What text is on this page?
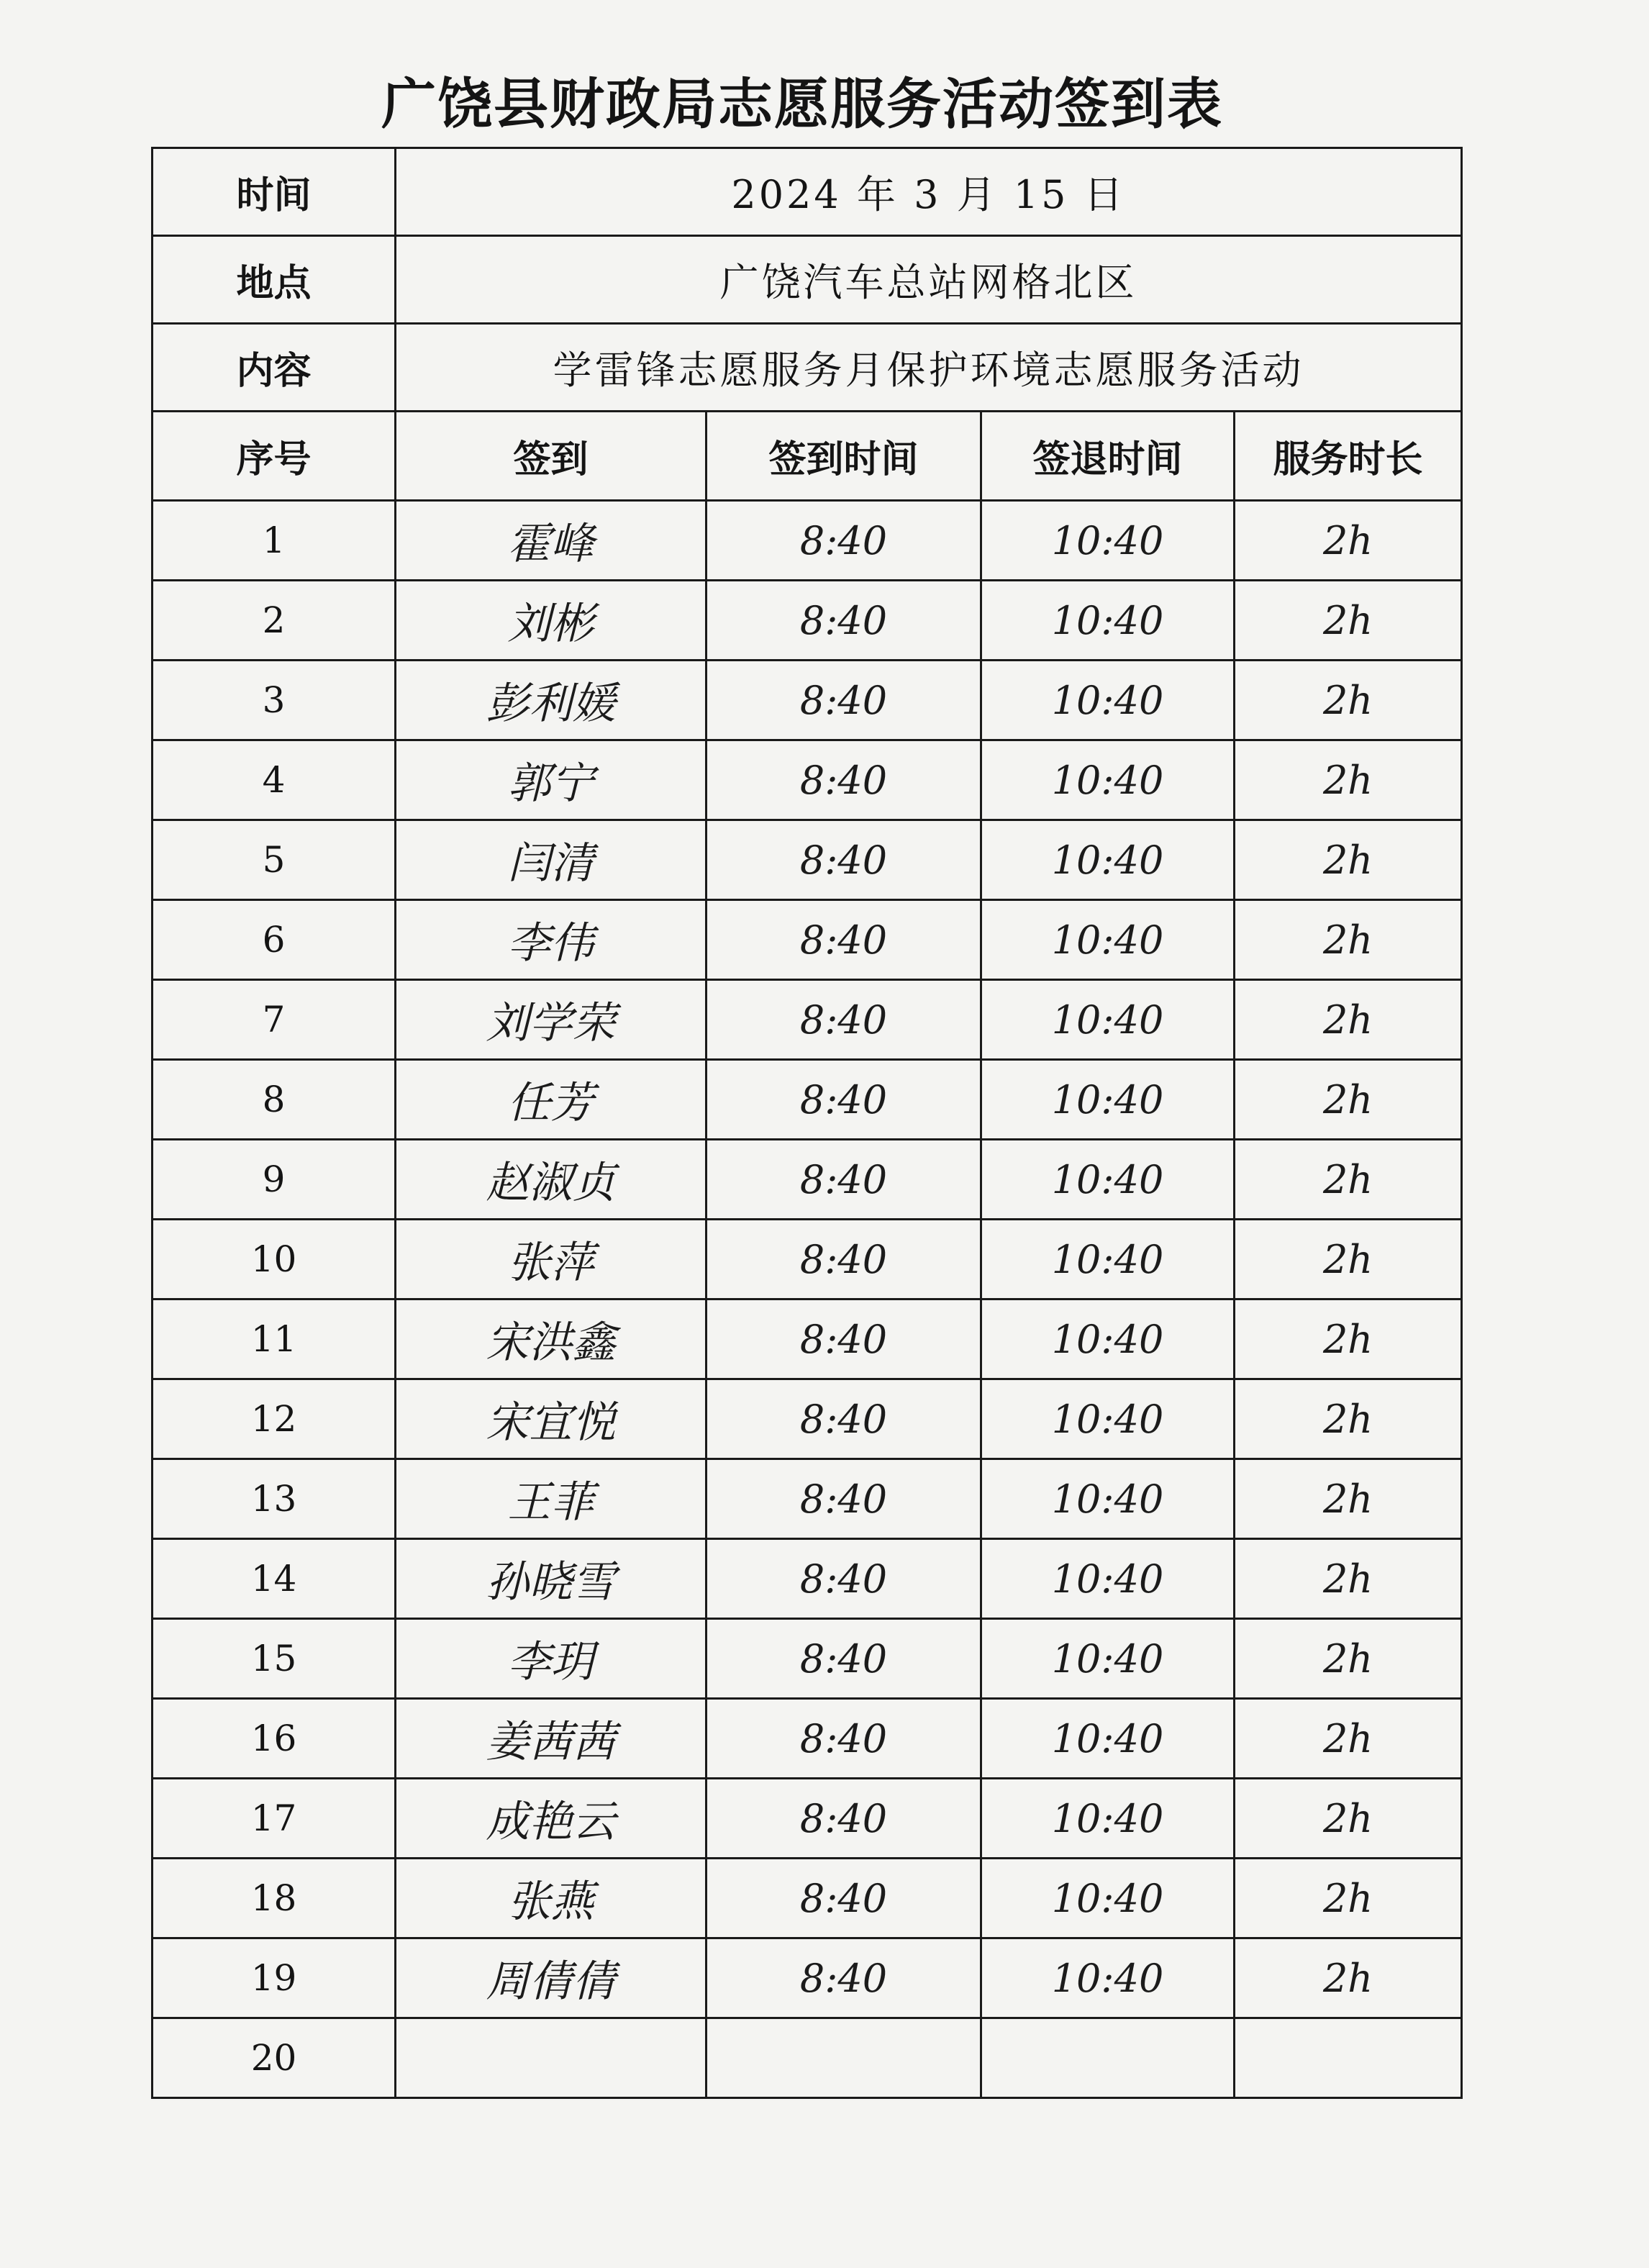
广饶县财政局志愿服务活动签到表
时间	2024 年 3 月 15 日			
地点	广饶汽车总站网格北区			
内容	学雷锋志愿服务月保护环境志愿服务活动			
序号	签到	签到时间	签退时间	服务时长
1	霍峰	8:40	10:40	2h
2	刘彬	8:40	10:40	2h
3	彭利媛	8:40	10:40	2h
4	郭宁	8:40	10:40	2h
5	闫清	8:40	10:40	2h
6	李伟	8:40	10:40	2h
7	刘学荣	8:40	10:40	2h
8	任芳	8:40	10:40	2h
9	赵淑贞	8:40	10:40	2h
10	张萍	8:40	10:40	2h
11	宋洪鑫	8:40	10:40	2h
12	宋宜悦	8:40	10:40	2h
13	王菲	8:40	10:40	2h
14	孙晓雪	8:40	10:40	2h
15	李玥	8:40	10:40	2h
16	姜茜茜	8:40	10:40	2h
17	成艳云	8:40	10:40	2h
18	张燕	8:40	10:40	2h
19	周倩倩	8:40	10:40	2h
20				
